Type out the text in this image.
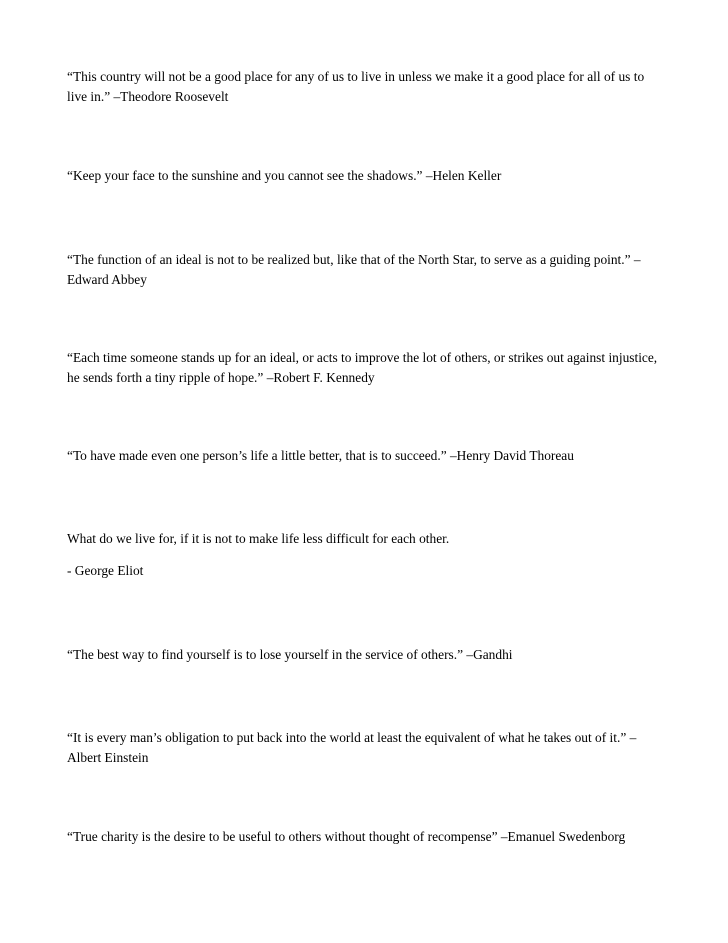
“This country will not be a good place for any of us to live in unless we make it a good place for all of us to live in.” –Theodore Roosevelt

“Keep your face to the sunshine and you cannot see the shadows.” –Helen Keller

“The function of an ideal is not to be realized but, like that of the North Star, to serve as a guiding point.” –Edward Abbey

“Each time someone stands up for an ideal, or acts to improve the lot of others, or strikes out against injustice, he sends forth a tiny ripple of hope.” –Robert F. Kennedy

“To have made even one person’s life a little better, that is to succeed.” –Henry David Thoreau

What do we live for, if it is not to make life less difficult for each other.

- George Eliot

“The best way to find yourself is to lose yourself in the service of others.” –Gandhi

“It is every man’s obligation to put back into the world at least the equivalent of what he takes out of it.” –Albert Einstein

“True charity is the desire to be useful to others without thought of recompense” –Emanuel Swedenborg
